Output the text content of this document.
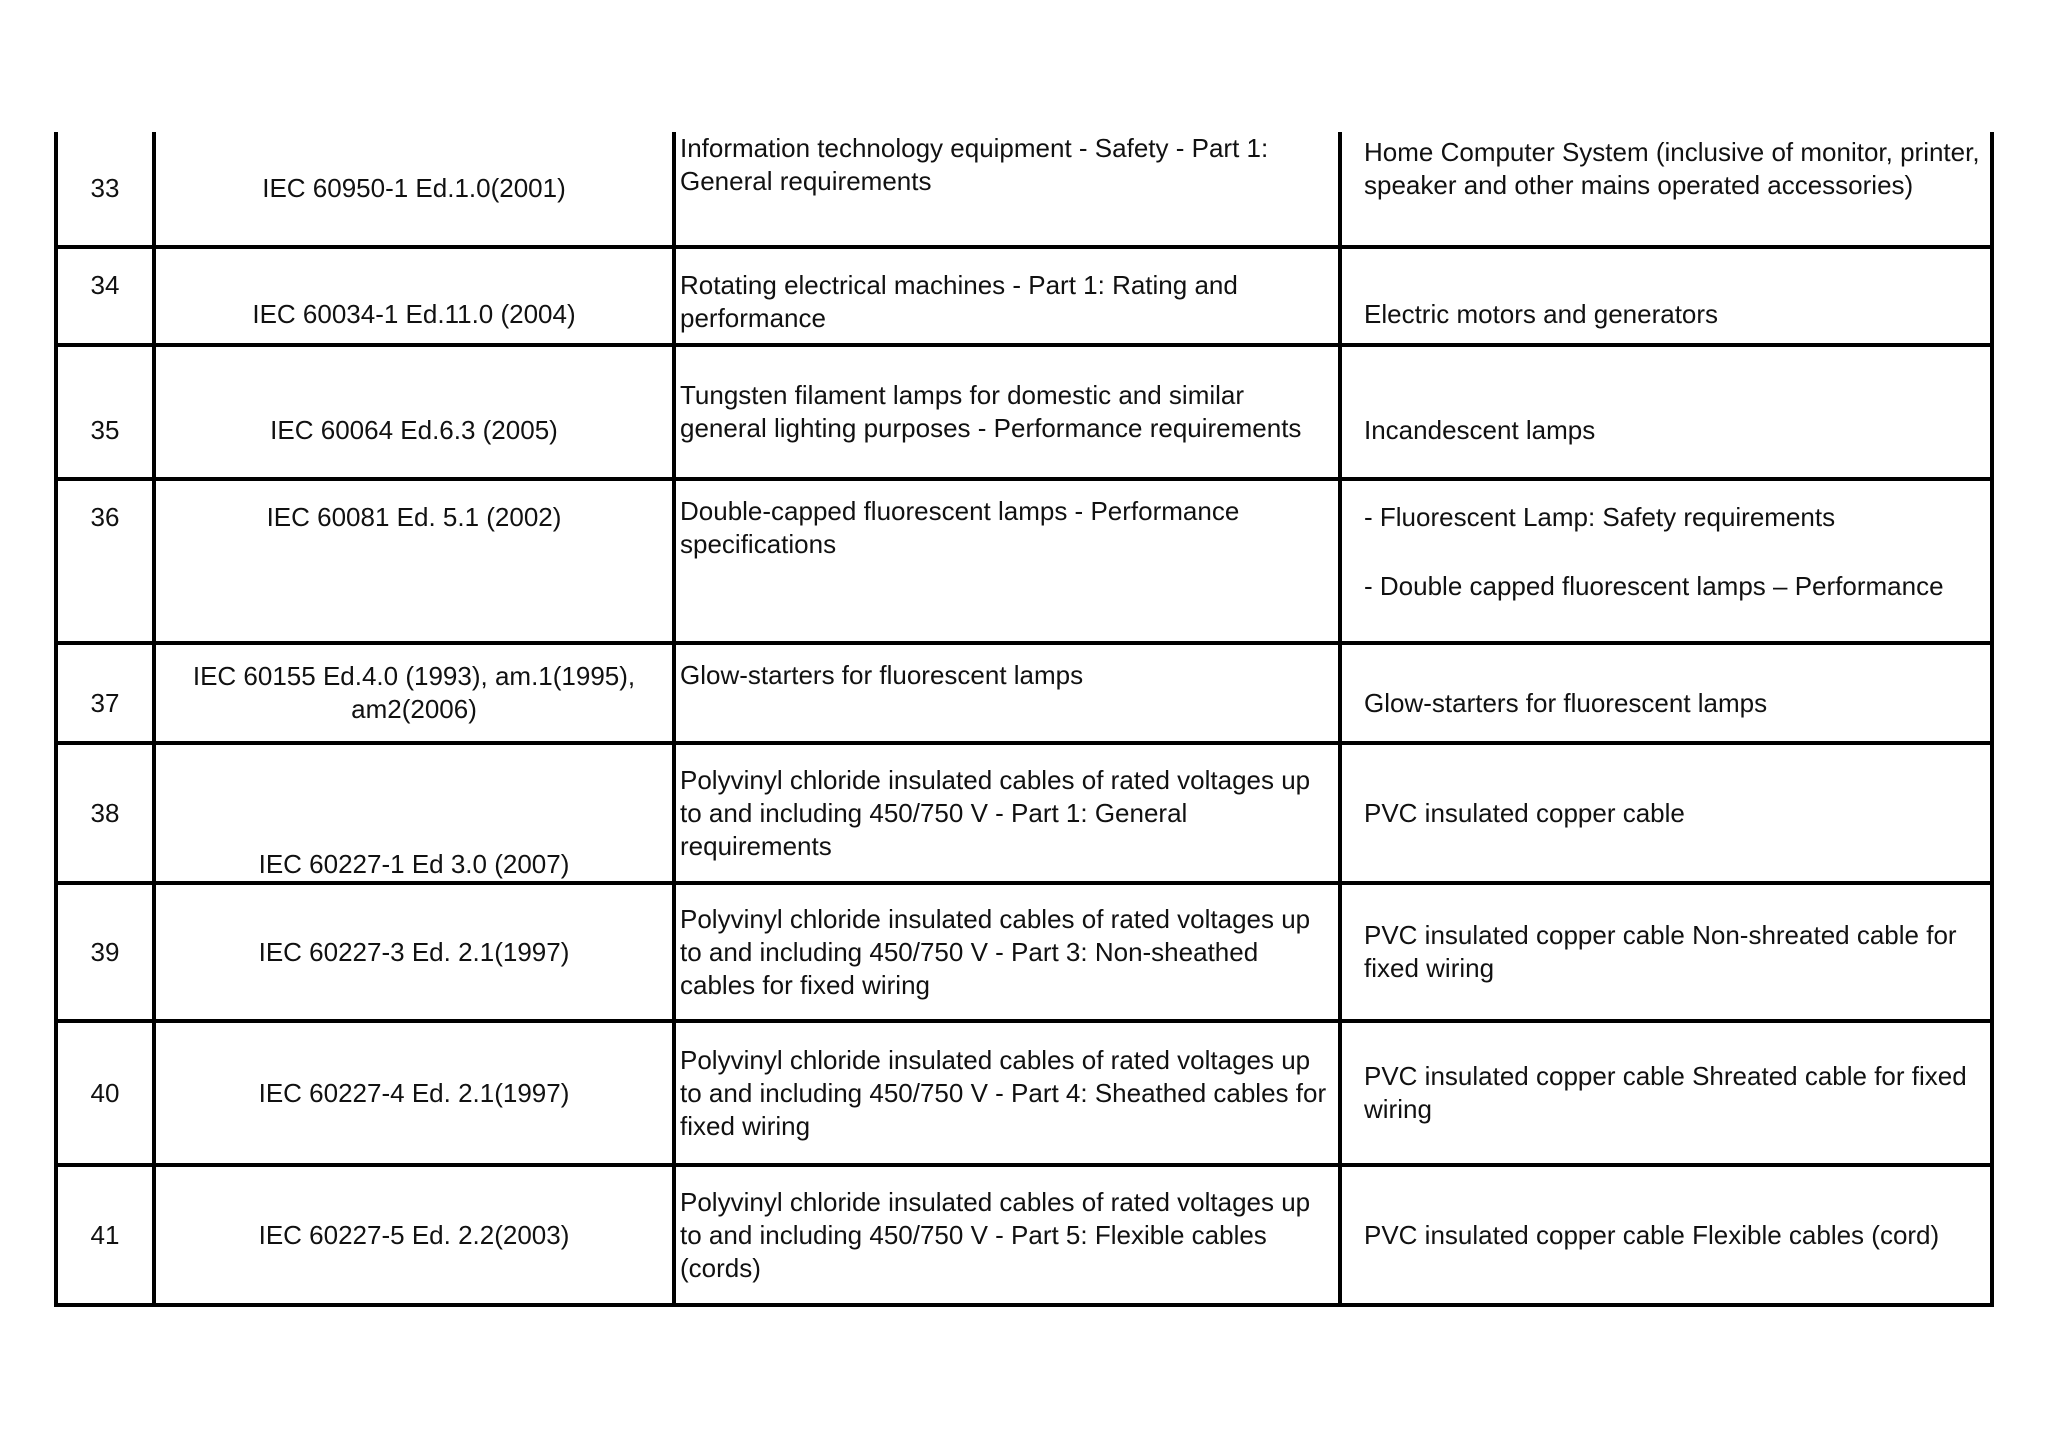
33	IEC 60950-1 Ed.1.0(2001)	Information technology equipment - Safety - Part 1: General requirements	Home Computer System (inclusive of monitor, printer, speaker and other mains operated accessories)

34	IEC 60034-1 Ed.11.0 (2004)	Rotating electrical machines - Part 1: Rating and performance	Electric motors and generators

35	IEC 60064 Ed.6.3 (2005)	Tungsten filament lamps for domestic and similar general lighting purposes - Performance requirements	Incandescent lamps

36	IEC 60081 Ed. 5.1 (2002)	Double-capped fluorescent lamps - Performance specifications	- Fluorescent Lamp: Safety requirements
- Double capped fluorescent lamps – Performance

37	IEC 60155 Ed.4.0 (1993), am.1(1995), am2(2006)	Glow-starters for fluorescent lamps	Glow-starters for fluorescent lamps

38	IEC 60227-1 Ed 3.0 (2007)	Polyvinyl chloride insulated cables of rated voltages up to and including 450/750 V - Part 1: General requirements	PVC insulated copper cable

39	IEC 60227-3 Ed. 2.1(1997)	Polyvinyl chloride insulated cables of rated voltages up to and including 450/750 V - Part 3: Non-sheathed cables for fixed wiring	PVC insulated copper cable Non-shreated cable for fixed wiring

40	IEC 60227-4 Ed. 2.1(1997)	Polyvinyl chloride insulated cables of rated voltages up to and including 450/750 V - Part 4: Sheathed cables for fixed wiring	PVC insulated copper cable Shreated cable for fixed wiring

41	IEC 60227-5 Ed. 2.2(2003)	Polyvinyl chloride insulated cables of rated voltages up to and including 450/750 V - Part 5: Flexible cables (cords)	PVC insulated copper cable Flexible cables (cord)
